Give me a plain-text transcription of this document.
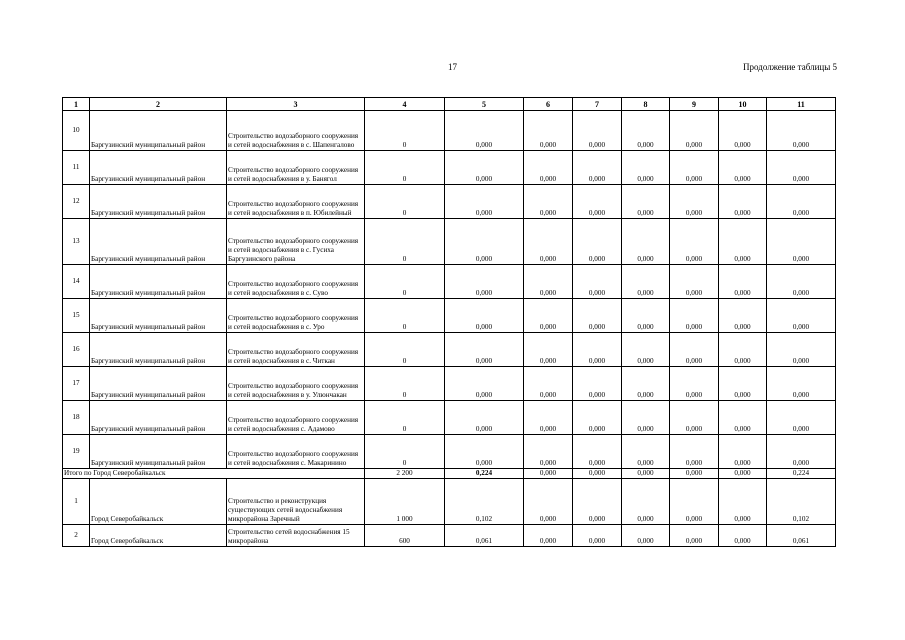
17	Продолжение таблицы 5
1	2	3	4	5	6	7	8	9	10	11
10	Баргузинский муниципальный район	Строительство водозаборного сооружения и сетей водоснабжения в с. Шапенгалово	0	0,000	0,000	0,000	0,000	0,000	0,000	0,000
11	Баргузинский муниципальный район	Строительство водозаборного сооружения и сетей водоснабжения в у. Банягол	0	0,000	0,000	0,000	0,000	0,000	0,000	0,000
12	Баргузинский муниципальный район	Строительство водозаборного сооружения и сетей водоснабжения в п. Юбилейный	0	0,000	0,000	0,000	0,000	0,000	0,000	0,000
13	Баргузинский муниципальный район	Строительство водозаборного сооружения и сетей водоснабжения в с. Гусиха Баргузинского района	0	0,000	0,000	0,000	0,000	0,000	0,000	0,000
14	Баргузинский муниципальный район	Строительство водозаборного сооружения и сетей водоснабжения в с. Суво	0	0,000	0,000	0,000	0,000	0,000	0,000	0,000
15	Баргузинский муниципальный район	Строительство водозаборного сооружения и сетей водоснабжения в с. Уро	0	0,000	0,000	0,000	0,000	0,000	0,000	0,000
16	Баргузинский муниципальный район	Строительство водозаборного сооружения и сетей водоснабжения в с. Читкан	0	0,000	0,000	0,000	0,000	0,000	0,000	0,000
17	Баргузинский муниципальный район	Строительство водозаборного сооружения и сетей водоснабжения в у. Улюнчакан	0	0,000	0,000	0,000	0,000	0,000	0,000	0,000
18	Баргузинский муниципальный район	Строительство водозаборного сооружения и сетей водоснабжения с. Адамово	0	0,000	0,000	0,000	0,000	0,000	0,000	0,000
19	Баргузинский муниципальный район	Строительство водозаборного сооружения и сетей водоснабжения с. Макаринино	0	0,000	0,000	0,000	0,000	0,000	0,000	0,000
Итого по Город Северобайкальск			2 200	0,224	0,000	0,000	0,000	0,000	0,000	0,224
1	Город Северобайкальск	Строительство и реконструкция существующих сетей водоснабжения микрорайона Заречный	1 000	0,102	0,000	0,000	0,000	0,000	0,000	0,102
2	Город Северобайкальск	Строительство сетей водоснабжения 15 микрорайона	600	0,061	0,000	0,000	0,000	0,000	0,000	0,061
